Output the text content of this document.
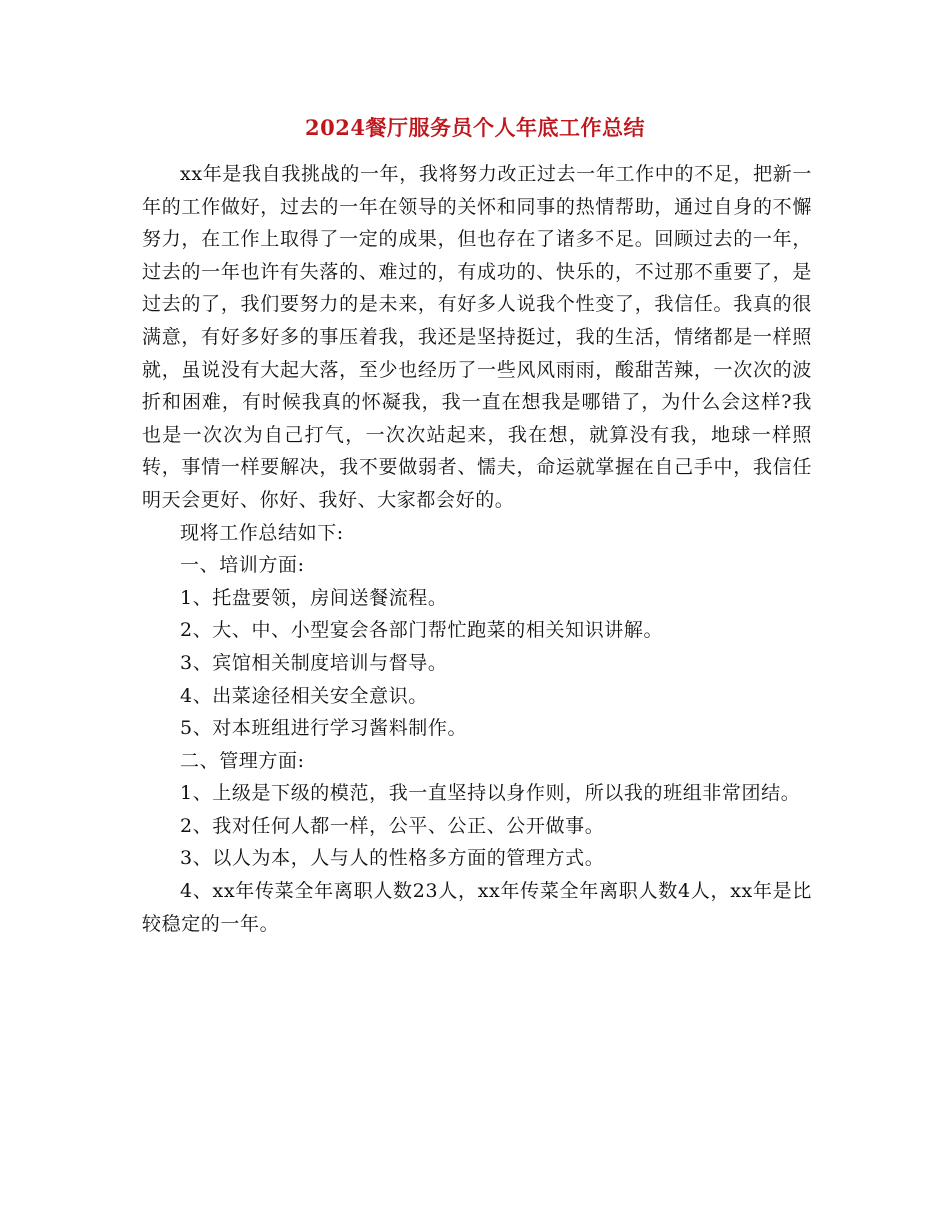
2024餐厅服务员个人年底工作总结

xx年是我自我挑战的一年，我将努力改正过去一年工作中的不足，把新一年的工作做好，过去的一年在领导的关怀和同事的热情帮助，通过自身的不懈努力，在工作上取得了一定的成果，但也存在了诸多不足。回顾过去的一年，过去的一年也许有失落的、难过的，有成功的、快乐的，不过那不重要了，是过去的了，我们要努力的是未来，有好多人说我个性变了，我信任。我真的很满意，有好多好多的事压着我，我还是坚持挺过，我的生活，情绪都是一样照就，虽说没有大起大落，至少也经历了一些风风雨雨，酸甜苦辣，一次次的波折和困难，有时候我真的怀凝我，我一直在想我是哪错了，为什么会这样?我也是一次次为自己打气，一次次站起来，我在想，就算没有我，地球一样照转，事情一样要解决，我不要做弱者、懦夫，命运就掌握在自己手中，我信任明天会更好、你好、我好、大家都会好的。

现将工作总结如下:

一、培训方面:

1、托盘要领，房间送餐流程。

2、大、中、小型宴会各部门帮忙跑菜的相关知识讲解。

3、宾馆相关制度培训与督导。

4、出菜途径相关安全意识。

5、对本班组进行学习酱料制作。

二、管理方面:

1、上级是下级的模范，我一直坚持以身作则，所以我的班组非常团结。

2、我对任何人都一样，公平、公正、公开做事。

3、以人为本，人与人的性格多方面的管理方式。

4、xx年传菜全年离职人数23人，xx年传菜全年离职人数4人，xx年是比较稳定的一年。
